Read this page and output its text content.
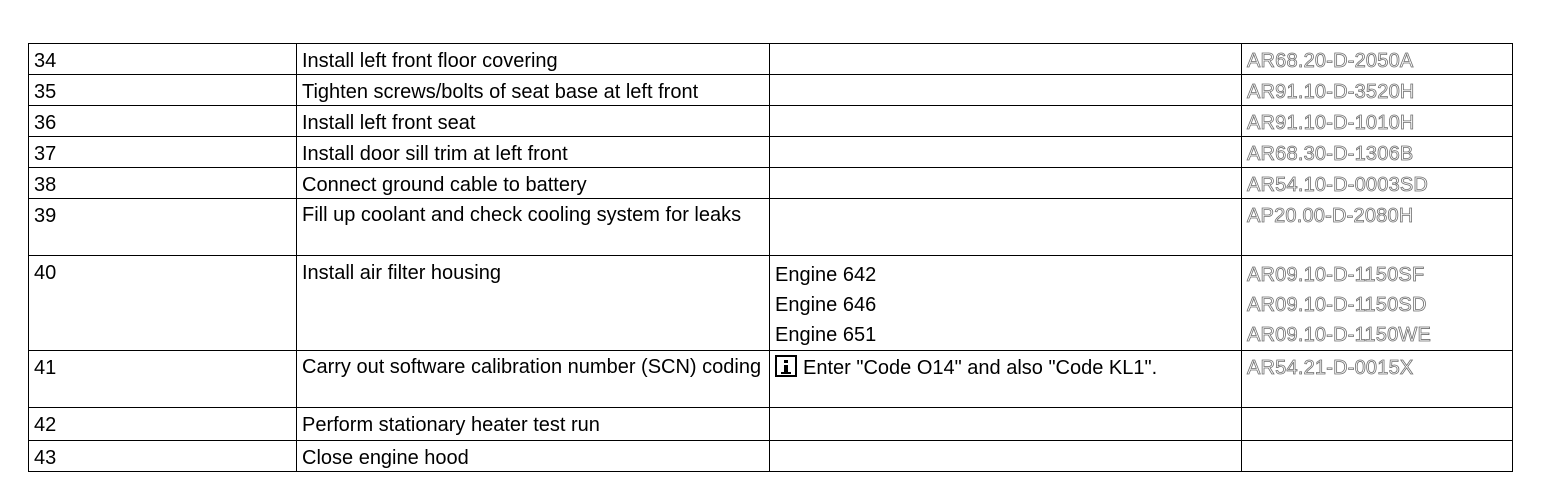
34	Install left front floor covering		AR68.20-D-2050A

35	Tighten screws/bolts of seat base at left front		AR91.10-D-3520H

36	Install left front seat		AR91.10-D-1010H

37	Install door sill trim at left front		AR68.30-D-1306B

38	Connect ground cable to battery		AR54.10-D-0003SD

39	Fill up coolant and check cooling system for leaks		AP20.00-D-2080H

40	Install air filter housing	Engine 642
Engine 646
Engine 651	AR09.10-D-1150SF
AR09.10-D-1150SD
AR09.10-D-1150WE

41	Carry out software calibration number (SCN) coding	Enter "Code O14" and also "Code KL1".	AR54.21-D-0015X

42	Perform stationary heater test run		
43	Close engine hood		
